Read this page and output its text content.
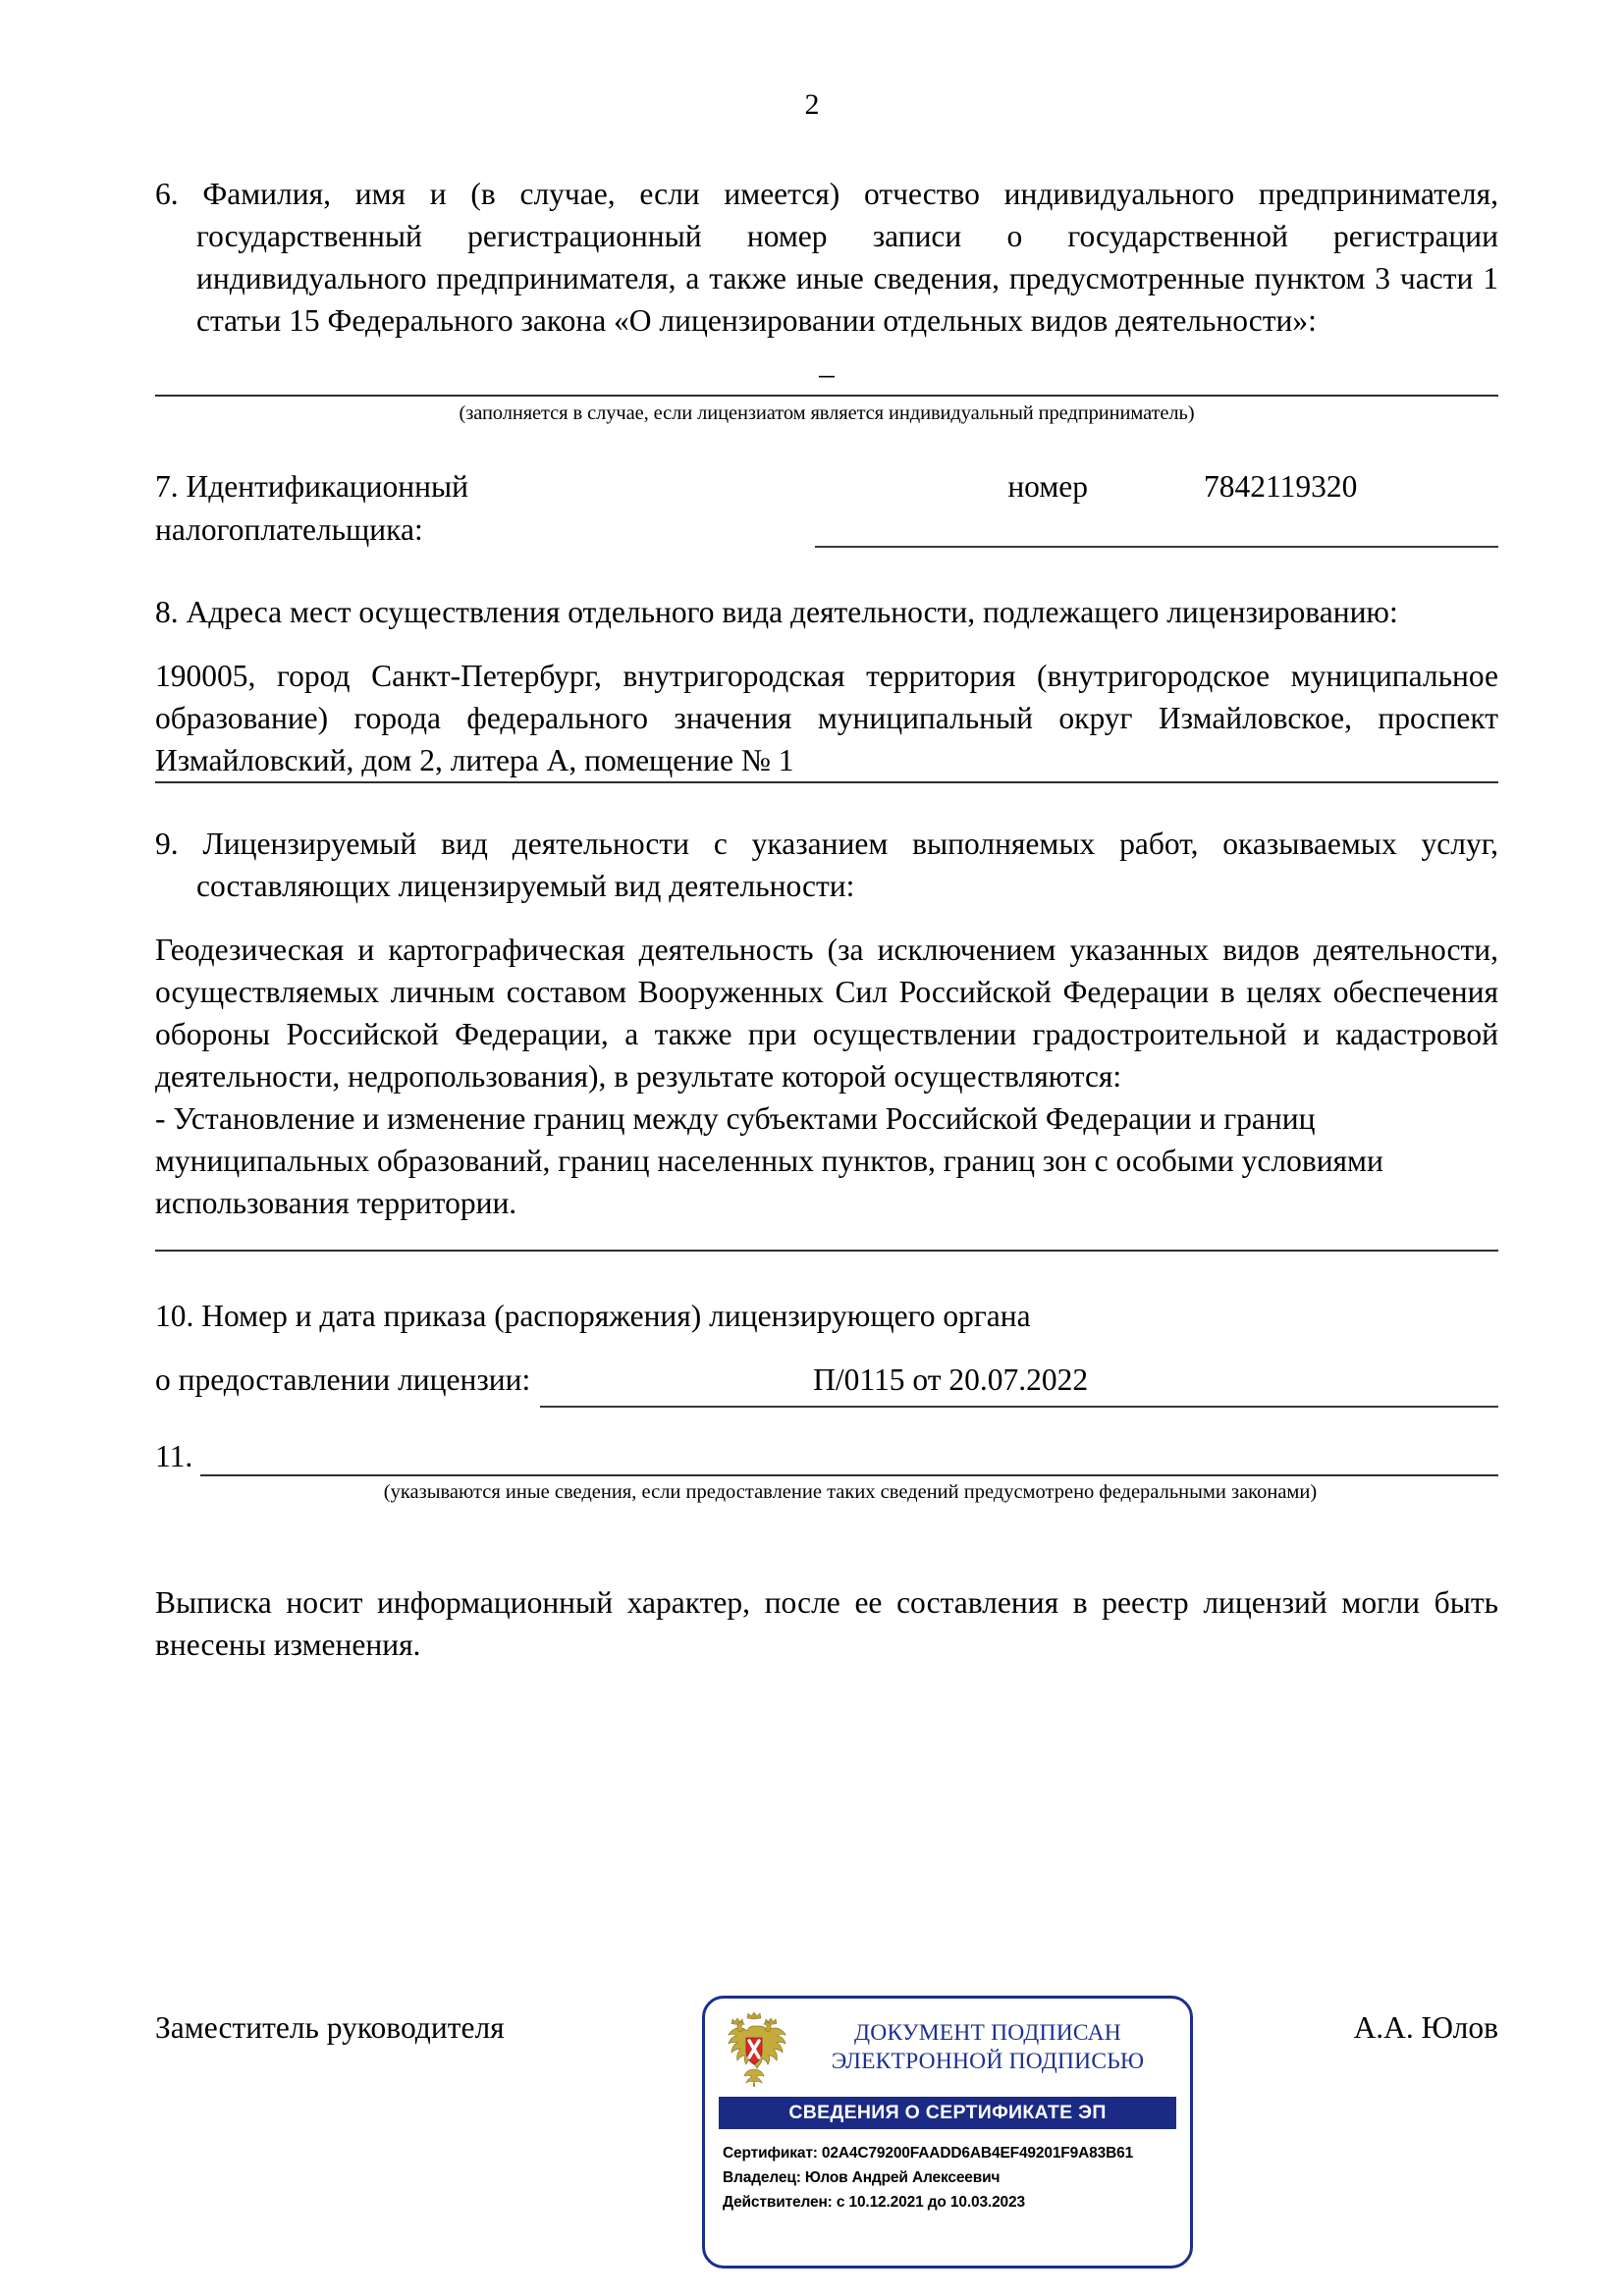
2

6. Фамилия, имя и (в случае, если имеется) отчество индивидуального предпринимателя, государственный регистрационный номер записи о государственной регистрации индивидуального предпринимателя, а также иные сведения, предусмотренные пунктом 3 части 1 статьи 15 Федерального закона «О лицензировании отдельных видов деятельности»:

–

(заполняется в случае, если лицензиатом является индивидуальный предприниматель)

7. Идентификационный	номер	7842119320
налогоплательщика:

8. Адреса мест осуществления отдельного вида деятельности, подлежащего лицензированию:

190005, город Санкт-Петербург, внутригородская территория (внутригородское муниципальное образование) города федерального значения муниципальный округ Измайловское, проспект Измайловский, дом 2, литера А, помещение № 1

9. Лицензируемый вид деятельности с указанием выполняемых работ, оказываемых услуг, составляющих лицензируемый вид деятельности:

Геодезическая и картографическая деятельность (за исключением указанных видов деятельности, осуществляемых личным составом Вооруженных Сил Российской Федерации в целях обеспечения обороны Российской Федерации, а также при осуществлении градостроительной и кадастровой деятельности, недропользования), в результате которой осуществляются:

- Установление и изменение границ между субъектами Российской Федерации и границ муниципальных образований, границ населенных пунктов, границ зон с особыми условиями использования территории.

10. Номер и дата приказа (распоряжения) лицензирующего органа

о предоставлении лицензии:	П/0115 от 20.07.2022
11.

(указываются иные сведения, если предоставление таких сведений предусмотрено федеральными законами)

Выписка носит информационный характер, после ее составления в реестр лицензий могли быть внесены изменения.

Заместитель руководителя	А.А. Юлов
ДОКУМЕНТ ПОДПИСАН
ЭЛЕКТРОННОЙ ПОДПИСЬЮ
СВЕДЕНИЯ О СЕРТИФИКАТЕ ЭП
Сертификат: 02A4C79200FAADD6AB4EF49201F9A83B61
Владелец: Юлов Андрей Алексеевич
Действителен: с 10.12.2021 до 10.03.2023
